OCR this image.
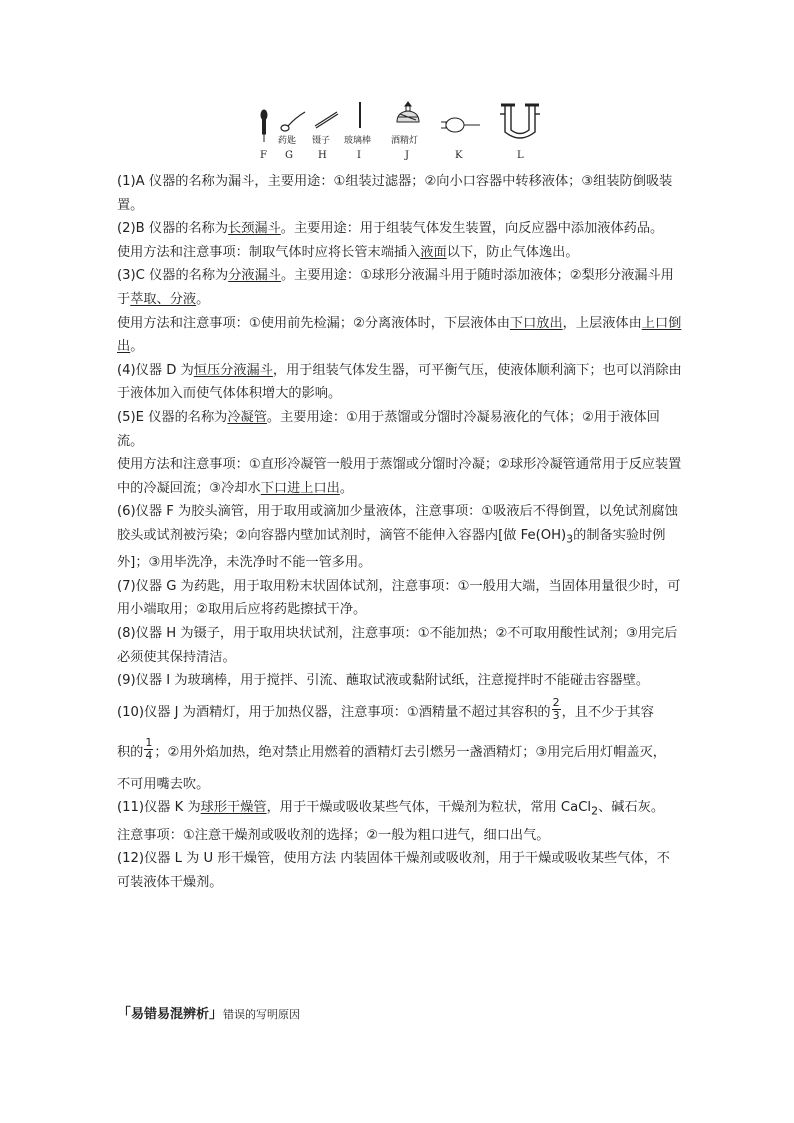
药匙 镊子 玻璃棒 酒精灯
F G	H	I	J	K	L

(1)A 仪器的名称为漏斗，主要用途：①组装过滤器；②向小口容器中转移液体；③组装防倒吸装置。

(2)B 仪器的名称为长颈漏斗。主要用途：用于组装气体发生装置，向反应器中添加液体药品。

使用方法和注意事项：制取气体时应将长管末端插入液面以下，防止气体逸出。

(3)C 仪器的名称为分液漏斗。主要用途：①球形分液漏斗用于随时添加液体；②梨形分液漏斗用于萃取、分液。

使用方法和注意事项：①使用前先检漏；②分离液体时，下层液体由下口放出，上层液体由上口倒出。

(4)仪器 D 为恒压分液漏斗，用于组装气体发生器，可平衡气压，使液体顺利滴下；也可以消除由于液体加入而使气体体积增大的影响。

(5)E 仪器的名称为冷凝管。主要用途：①用于蒸馏或分馏时冷凝易液化的气体；②用于液体回流。

使用方法和注意事项：①直形冷凝管一般用于蒸馏或分馏时冷凝；②球形冷凝管通常用于反应装置中的冷凝回流；③冷却水下口进上口出。

(6)仪器 F 为胶头滴管，用于取用或滴加少量液体，注意事项：①吸液后不得倒置，以免试剂腐蚀胶头或试剂被污染；②向容器内壁加试剂时，滴管不能伸入容器内[做 $Fe(OH)_3$的制备实验时例外]；③用毕洗净，未洗净时不能一管多用。

(7)仪器 G 为药匙，用于取用粉末状固体试剂，注意事项：①一般用大端，当固体用量很少时，可用小端取用；②取用后应将药匙擦拭干净。

(8)仪器 H 为镊子，用于取用块状试剂，注意事项：①不能加热；②不可取用酸性试剂；③用完后必须使其保持清洁。

(9)仪器 I 为玻璃棒，用于搅拌、引流、蘸取试液或黏附试纸，注意搅拌时不能碰击容器壁。

(10)仪器 J 为酒精灯，用于加热仪器，注意事项：①酒精量不超过其容积的 $\frac{2}{3}$ ，且不少于其容

积的 $\frac{1}{4}$ ；②用外焰加热，绝对禁止用燃着的酒精灯去引燃另一盏酒精灯；③用完后用灯帽盖灭，

不可用嘴去吹。

(11)仪器 K 为球形干燥管，用于干燥或吸收某些气体，干燥剂为粒状，常用 CaCl$_2$、碱石灰。

注意事项：①注意干燥剂或吸收剂的选择；②一般为粗口进气，细口出气。

(12)仪器 L 为 U 形干燥管，使用方法 内装固体干燥剂或吸收剂，用于干燥或吸收某些气体，不可装液体干燥剂。

「易错易混辨析」错误的写明原因
